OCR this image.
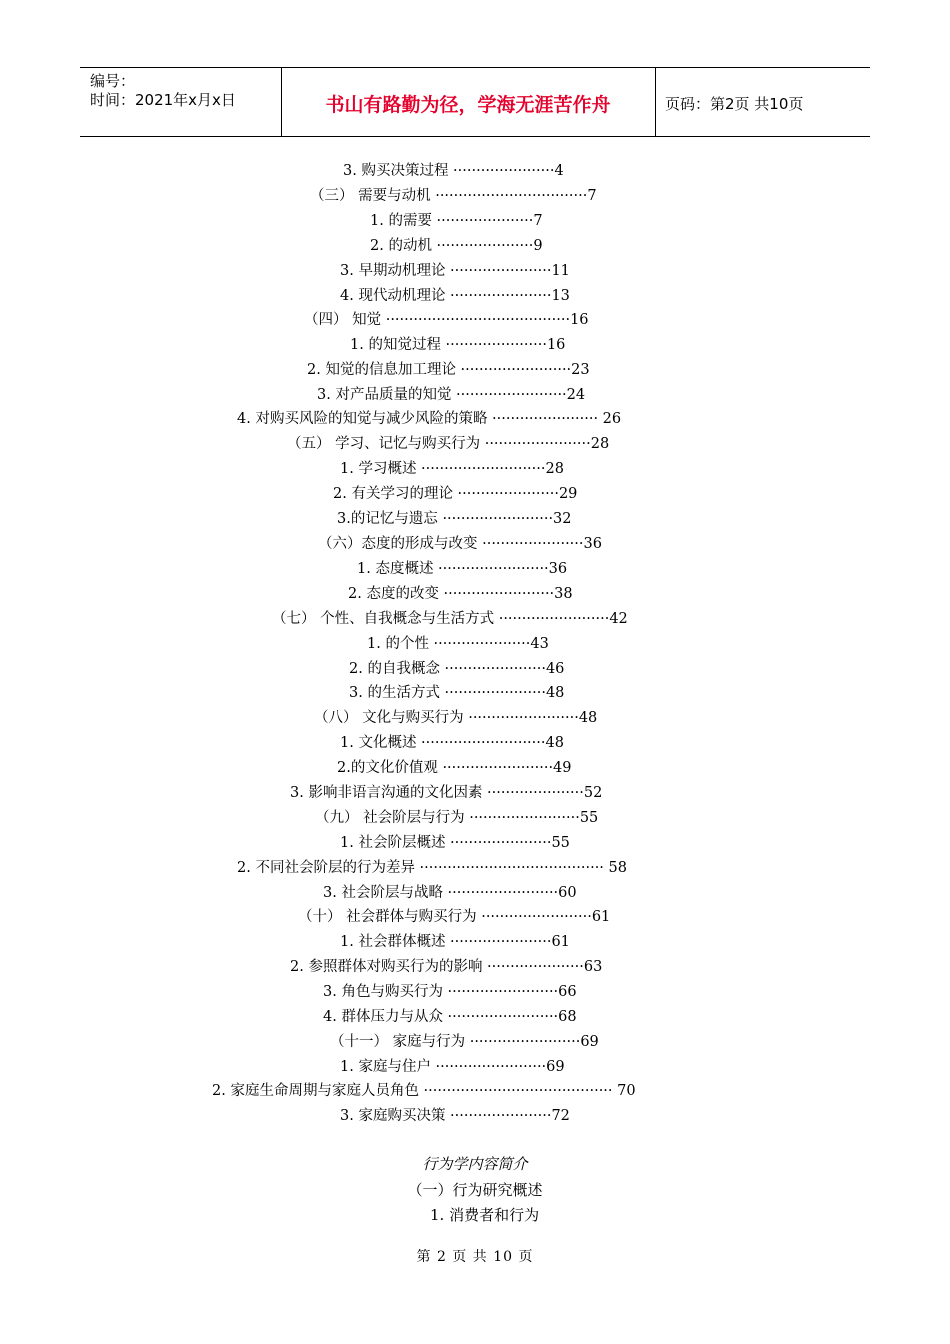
编号：
时间：2021年x月x日	书山有路勤为径，学海无涯苦作舟	页码：第2页 共10页
3. 购买决策过程 ······················4
（三） 需要与动机 ·································7
1. 的需要 ·····················7
2. 的动机 ·····················9
3. 早期动机理论 ······················11
4. 现代动机理论 ······················13
（四） 知觉 ········································16
1. 的知觉过程 ······················16
2. 知觉的信息加工理论 ························23
3. 对产品质量的知觉 ························24
4. 对购买风险的知觉与减少风险的策略 ······················· 26
（五） 学习、记忆与购买行为 ·······················28
1. 学习概述 ···························28
2. 有关学习的理论 ······················29
3.的记忆与遗忘 ························32
（六）态度的形成与改变 ······················36
1. 态度概述 ························36
2. 态度的改变 ························38
（七） 个性、自我概念与生活方式 ························42
1. 的个性 ·····················43
2. 的自我概念 ······················46
3. 的生活方式 ······················48
（八） 文化与购买行为 ························48
1. 文化概述 ···························48
2.的文化价值观 ························49
3. 影响非语言沟通的文化因素 ·····················52
（九） 社会阶层与行为 ························55
1. 社会阶层概述 ······················55
2. 不同社会阶层的行为差异 ········································ 58
3. 社会阶层与战略 ························60
（十） 社会群体与购买行为 ························61
1. 社会群体概述 ······················61
2. 参照群体对购买行为的影响 ·····················63
3. 角色与购买行为 ························66
4. 群体压力与从众 ························68
（十一） 家庭与行为 ························69
1. 家庭与住户 ························69
2. 家庭生命周期与家庭人员角色 ········································· 70
3. 家庭购买决策 ······················72
行为学内容简介
（一）行为研究概述
1. 消费者和行为
第 2 页 共 10 页
